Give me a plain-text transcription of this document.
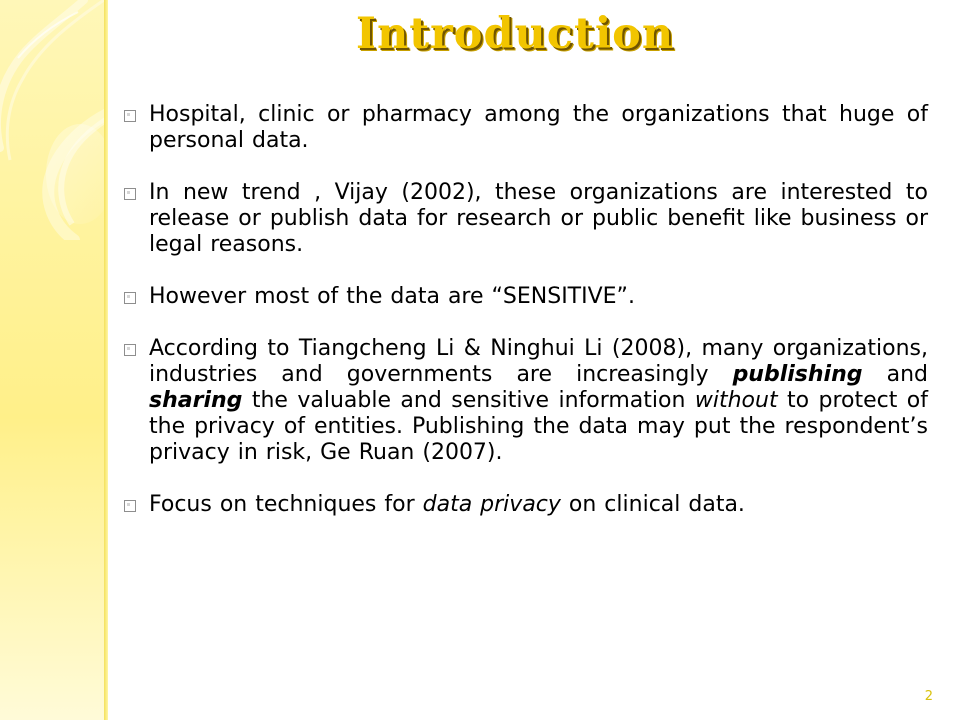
Introduction
Hospital, clinic or pharmacy among the organizations that huge of personal data.
In new trend , Vijay (2002), these organizations are interested to release or publish data for research or public benefit like business or legal reasons.
However most of the data are “SENSITIVE”.
According to Tiangcheng Li & Ninghui Li (2008), many organizations, industries and governments are increasingly publishing and sharing the valuable and sensitive information without to protect of the privacy of entities. Publishing the data may put the respondent’s privacy in risk, Ge Ruan (2007).
Focus on techniques for data privacy on clinical data.
2
